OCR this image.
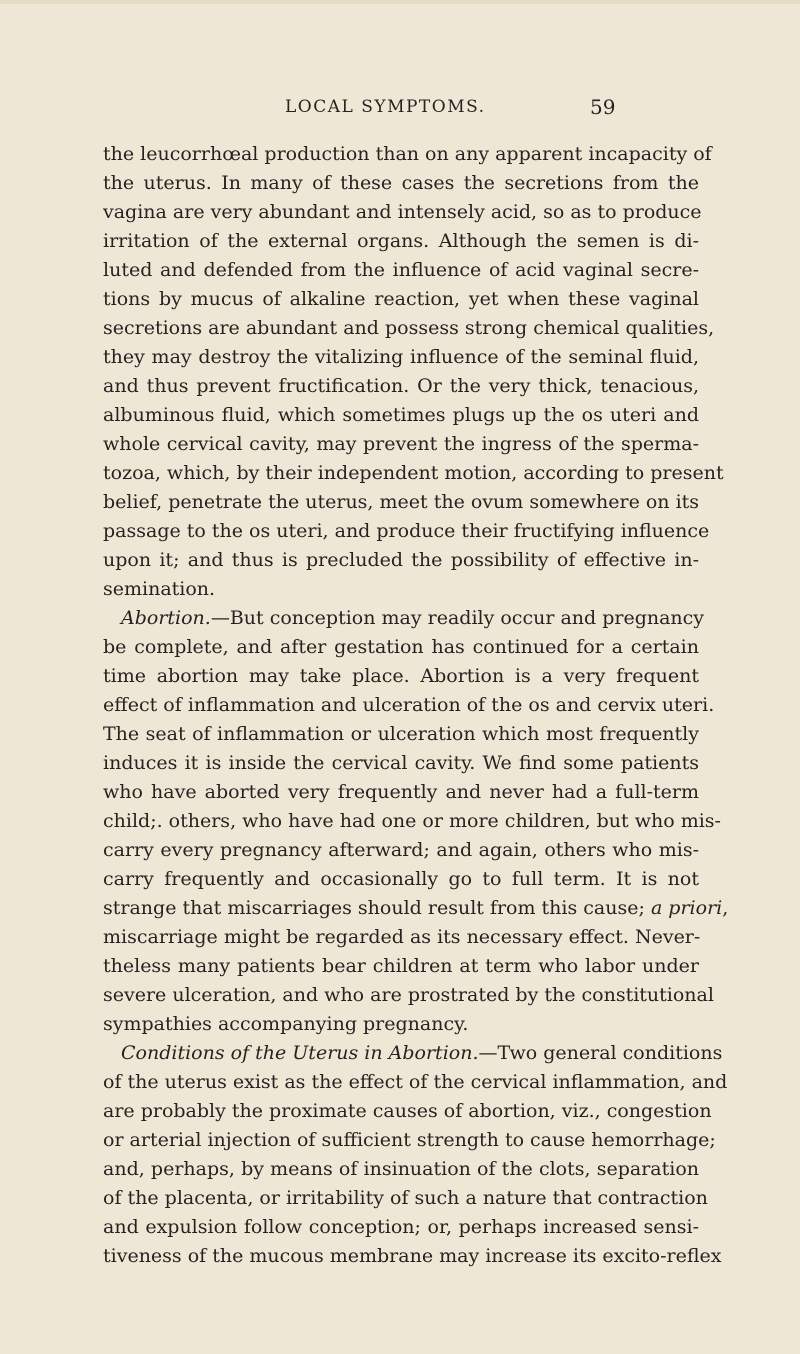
LOCAL SYMPTOMS.	59
the leucorrhœal production than on any apparent incapacity of
the uterus. In many of these cases the secretions from the
vagina are very abundant and intensely acid, so as to produce
irritation of the external organs. Although the semen is di-
luted and defended from the influence of acid vaginal secre-
tions by mucus of alkaline reaction, yet when these vaginal
secretions are abundant and possess strong chemical qualities,
they may destroy the vitalizing influence of the seminal fluid,
and thus prevent fructification. Or the very thick, tenacious,
albuminous fluid, which sometimes plugs up the os uteri and
whole cervical cavity, may prevent the ingress of the sperma-
tozoa, which, by their independent motion, according to present
belief, penetrate the uterus, meet the ovum somewhere on its
passage to the os uteri, and produce their fructifying influence
upon it; and thus is precluded the possibility of effective in-
semination.
Abortion.—But conception may readily occur and pregnancy
be complete, and after gestation has continued for a certain
time abortion may take place. Abortion is a very frequent
effect of inflammation and ulceration of the os and cervix uteri.
The seat of inflammation or ulceration which most frequently
induces it is inside the cervical cavity. We find some patients
who have aborted very frequently and never had a full-term
child;. others, who have had one or more children, but who mis-
carry every pregnancy afterward; and again, others who mis-
carry frequently and occasionally go to full term. It is not
strange that miscarriages should result from this cause; a priori,
miscarriage might be regarded as its necessary effect. Never-
theless many patients bear children at term who labor under
severe ulceration, and who are prostrated by the constitutional
sympathies accompanying pregnancy.
Conditions of the Uterus in Abortion.—Two general conditions
of the uterus exist as the effect of the cervical inflammation, and
are probably the proximate causes of abortion, viz., congestion
or arterial injection of sufficient strength to cause hemorrhage;
and, perhaps, by means of insinuation of the clots, separation
of the placenta, or irritability of such a nature that contraction
and expulsion follow conception; or, perhaps increased sensi-
tiveness of the mucous membrane may increase its excito-reflex
